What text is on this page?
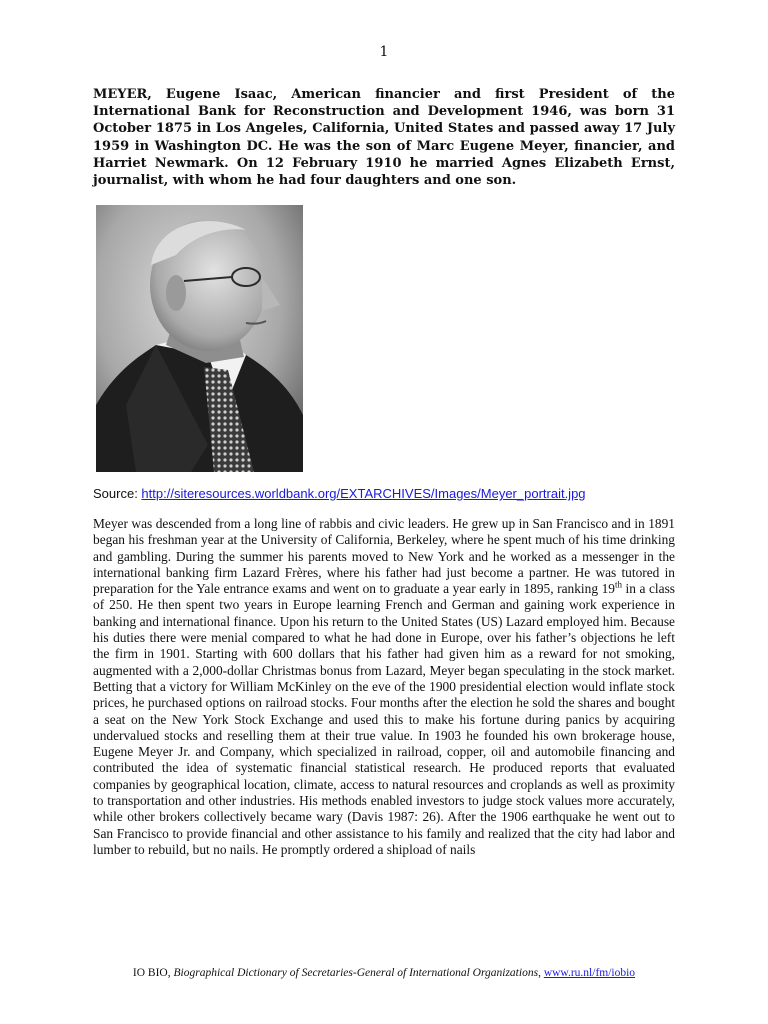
1

MEYER, Eugene Isaac, American financier and first President of the International Bank for Reconstruction and Development 1946, was born 31 October 1875 in Los Angeles, California, United States and passed away 17 July 1959 in Washington DC. He was the son of Marc Eugene Meyer, financier, and Harriet Newmark. On 12 February 1910 he married Agnes Elizabeth Ernst, journalist, with whom he had four daughters and one son.

Source: http://siteresources.worldbank.org/EXTARCHIVES/Images/Meyer_portrait.jpg

Meyer was descended from a long line of rabbis and civic leaders. He grew up in San Francisco and in 1891 began his freshman year at the University of California, Berkeley, where he spent much of his time drinking and gambling. During the summer his parents moved to New York and he worked as a messenger in the international banking firm Lazard Frères, where his father had just become a partner. He was tutored in preparation for the Yale entrance exams and went on to graduate a year early in 1895, ranking 19th in a class of 250. He then spent two years in Europe learning French and German and gaining work experience in banking and international finance. Upon his return to the United States (US) Lazard employed him. Because his duties there were menial compared to what he had done in Europe, over his father’s objections he left the firm in 1901. Starting with 600 dollars that his father had given him as a reward for not smoking, augmented with a 2,000-dollar Christmas bonus from Lazard, Meyer began speculating in the stock market. Betting that a victory for William McKinley on the eve of the 1900 presidential election would inflate stock prices, he purchased options on railroad stocks. Four months after the election he sold the shares and bought a seat on the New York Stock Exchange and used this to make his fortune during panics by acquiring undervalued stocks and reselling them at their true value. In 1903 he founded his own brokerage house, Eugene Meyer Jr. and Company, which specialized in railroad, copper, oil and automobile financing and contributed the idea of systematic financial statistical research. He produced reports that evaluated companies by geographical location, climate, access to natural resources and croplands as well as proximity to transportation and other industries. His methods enabled investors to judge stock values more accurately, while other brokers collectively became wary (Davis 1987: 26). After the 1906 earthquake he went out to San Francisco to provide financial and other assistance to his family and realized that the city had labor and lumber to rebuild, but no nails. He promptly ordered a shipload of nails

IO BIO, Biographical Dictionary of Secretaries-General of International Organizations, www.ru.nl/fm/iobio
